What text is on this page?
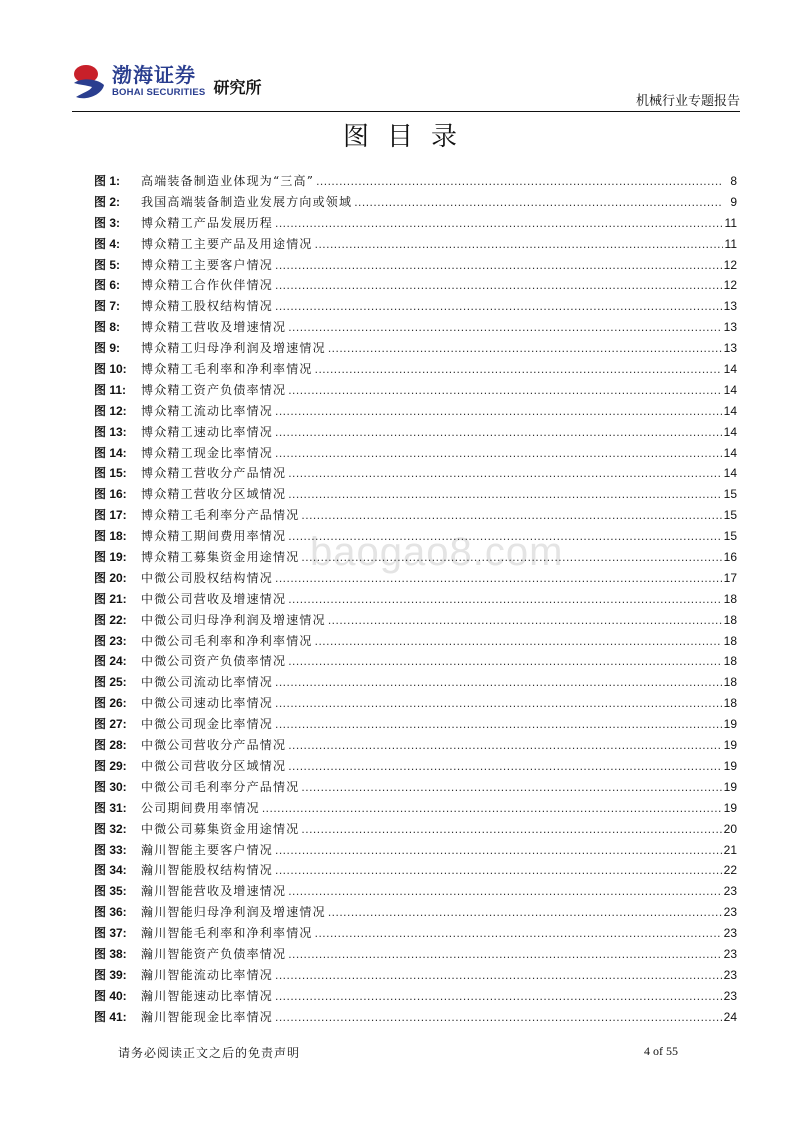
渤海证券
BOHAI SECURITIES 研究所
机械行业专题报告
图目录
baogao8.com
图 1:	高端装备制造业体现为“三高” .....	8
图 2:	我国高端装备制造业发展方向或领域 .....	9
图 3:	博众精工产品发展历程 .....	11
图 4:	博众精工主要产品及用途情况 .....	11
图 5:	博众精工主要客户情况 .....	12
图 6:	博众精工合作伙伴情况 .....	12
图 7:	博众精工股权结构情况 .....	13
图 8:	博众精工营收及增速情况 .....	13
图 9:	博众精工归母净利润及增速情况 .....	13
图 10:	博众精工毛利率和净利率情况 .....	14
图 11:	博众精工资产负债率情况 .....	14
图 12:	博众精工流动比率情况 .....	14
图 13:	博众精工速动比率情况 .....	14
图 14:	博众精工现金比率情况 .....	14
图 15:	博众精工营收分产品情况 .....	14
图 16:	博众精工营收分区域情况 .....	15
图 17:	博众精工毛利率分产品情况 .....	15
图 18:	博众精工期间费用率情况 .....	15
图 19:	博众精工募集资金用途情况 .....	16
图 20:	中微公司股权结构情况 .....	17
图 21:	中微公司营收及增速情况 .....	18
图 22:	中微公司归母净利润及增速情况 .....	18
图 23:	中微公司毛利率和净利率情况 .....	18
图 24:	中微公司资产负债率情况 .....	18
图 25:	中微公司流动比率情况 .....	18
图 26:	中微公司速动比率情况 .....	18
图 27:	中微公司现金比率情况 .....	19
图 28:	中微公司营收分产品情况 .....	19
图 29:	中微公司营收分区域情况 .....	19
图 30:	中微公司毛利率分产品情况 .....	19
图 31:	公司期间费用率情况 .....	19
图 32:	中微公司募集资金用途情况 .....	20
图 33:	瀚川智能主要客户情况 .....	21
图 34:	瀚川智能股权结构情况 .....	22
图 35:	瀚川智能营收及增速情况 .....	23
图 36:	瀚川智能归母净利润及增速情况 .....	23
图 37:	瀚川智能毛利率和净利率情况 .....	23
图 38:	瀚川智能资产负债率情况 .....	23
图 39:	瀚川智能流动比率情况 .....	23
图 40:	瀚川智能速动比率情况 .....	23
图 41:	瀚川智能现金比率情况 .....	24
请务必阅读正文之后的免责声明	4 of 55
